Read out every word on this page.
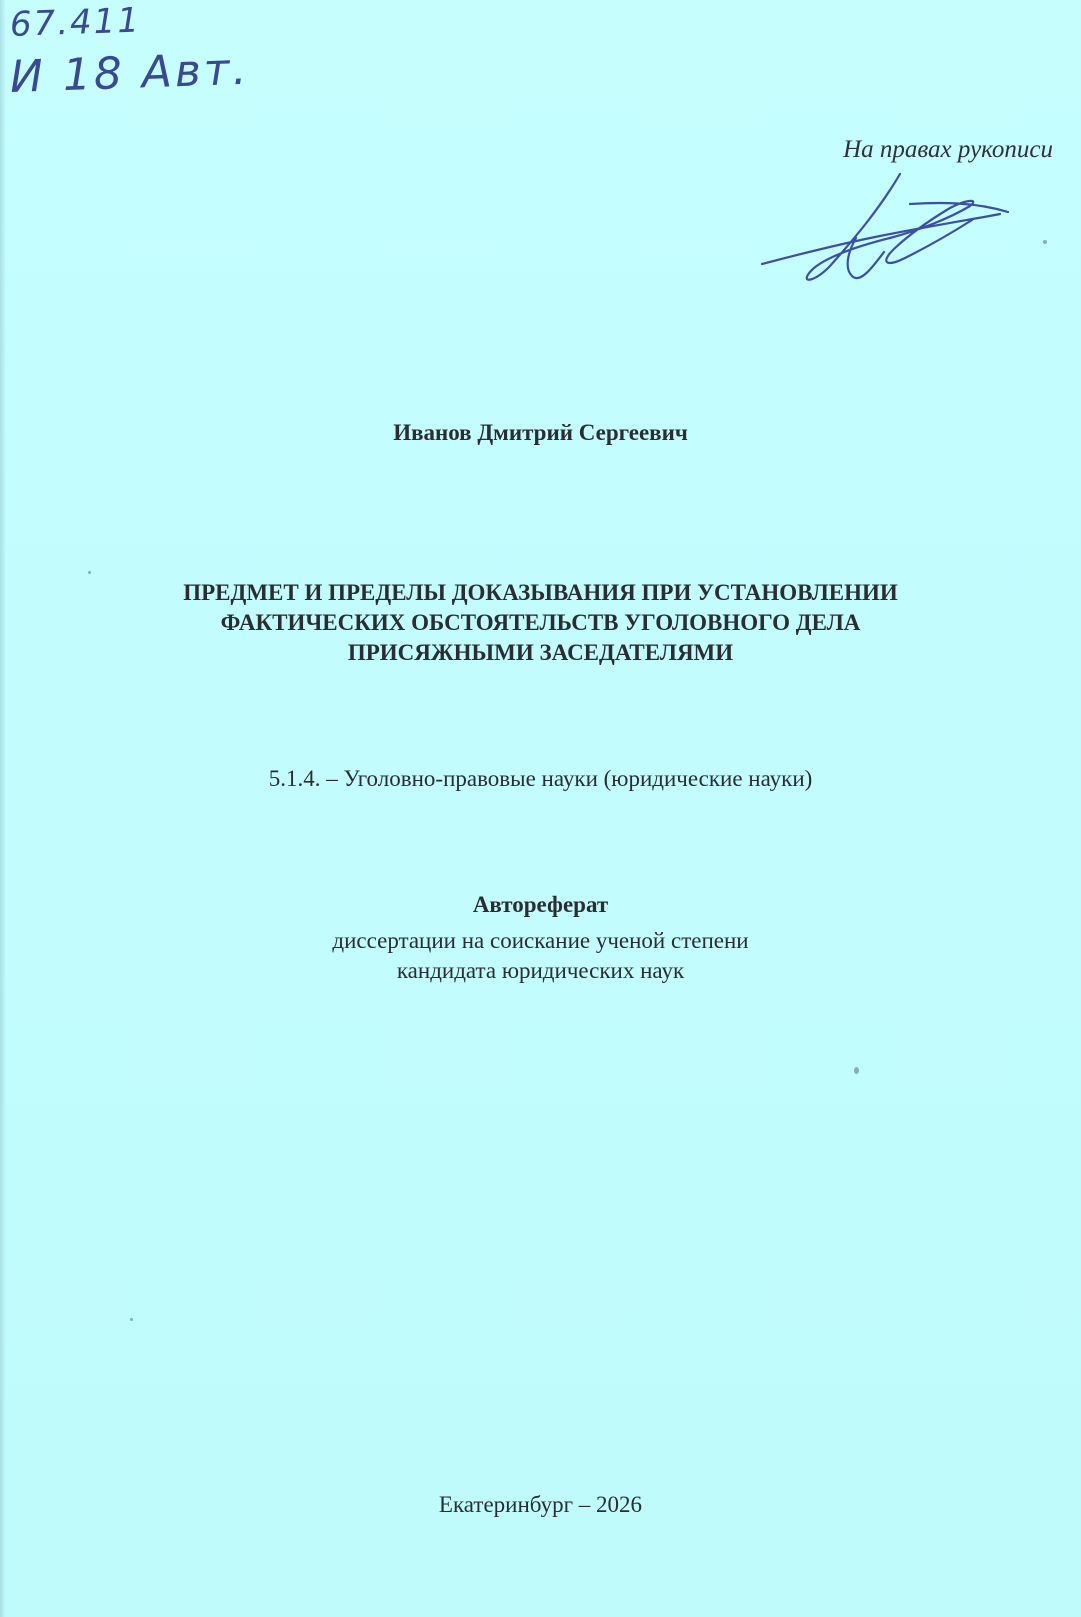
67.411
И 18 Авт.
На правах рукописи
Иванов Дмитрий Сергеевич
ПРЕДМЕТ И ПРЕДЕЛЫ ДОКАЗЫВАНИЯ ПРИ УСТАНОВЛЕНИИ
ФАКТИЧЕСКИХ ОБСТОЯТЕЛЬСТВ УГОЛОВНОГО ДЕЛА
ПРИСЯЖНЫМИ ЗАСЕДАТЕЛЯМИ
5.1.4. – Уголовно-правовые науки (юридические науки)
Автореферат
диссертации на соискание ученой степени
кандидата юридических наук
Екатеринбург – 2026
